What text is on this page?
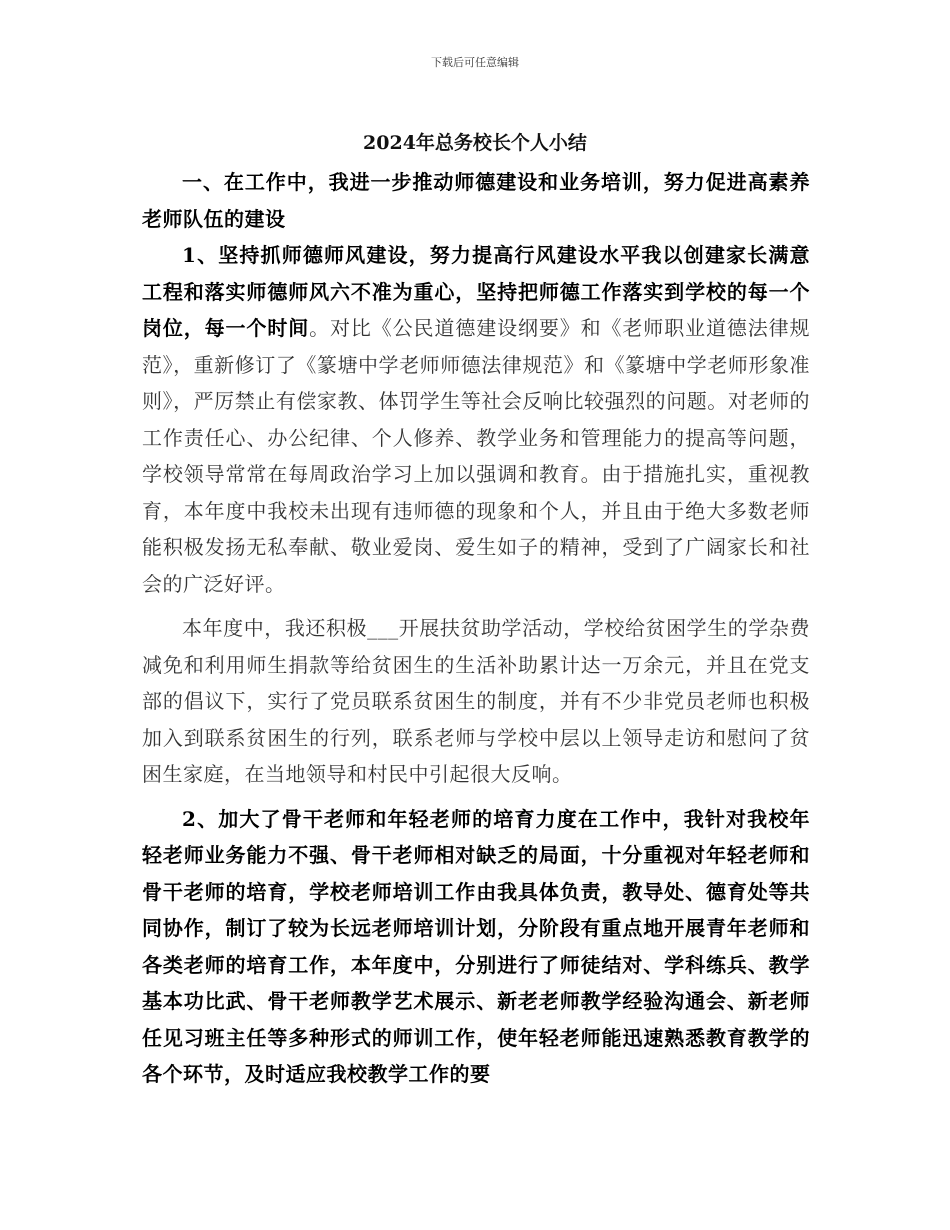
下载后可任意编辑
2024年总务校长个人小结

一、在工作中，我进一步推动师德建设和业务培训，努力促进高素养老师队伍的建设

1、坚持抓师德师风建设，努力提高行风建设水平我以创建家长满意工程和落实师德师风六不准为重心，坚持把师德工作落实到学校的每一个岗位，每一个时间。对比《公民道德建设纲要》和《老师职业道德法律规范》，重新修订了《篆塘中学老师师德法律规范》和《篆塘中学老师形象准则》，严厉禁止有偿家教、体罚学生等社会反响比较强烈的问题。对老师的工作责任心、办公纪律、个人修养、教学业务和管理能力的提高等问题，学校领导常常在每周政治学习上加以强调和教育。由于措施扎实，重视教育，本年度中我校未出现有违师德的现象和个人，并且由于绝大多数老师能积极发扬无私奉献、敬业爱岗、爱生如子的精神，受到了广阔家长和社会的广泛好评。

本年度中，我还积极___开展扶贫助学活动，学校给贫困学生的学杂费减免和利用师生捐款等给贫困生的生活补助累计达一万余元，并且在党支部的倡议下，实行了党员联系贫困生的制度，并有不少非党员老师也积极加入到联系贫困生的行列，联系老师与学校中层以上领导走访和慰问了贫困生家庭，在当地领导和村民中引起很大反响。

2、加大了骨干老师和年轻老师的培育力度在工作中，我针对我校年轻老师业务能力不强、骨干老师相对缺乏的局面，十分重视对年轻老师和骨干老师的培育，学校老师培训工作由我具体负责，教导处、德育处等共同协作，制订了较为长远老师培训计划，分阶段有重点地开展青年老师和各类老师的培育工作，本年度中，分别进行了师徒结对、学科练兵、教学基本功比武、骨干老师教学艺术展示、新老老师教学经验沟通会、新老师任见习班主任等多种形式的师训工作，使年轻老师能迅速熟悉教育教学的各个环节，及时适应我校教学工作的要
